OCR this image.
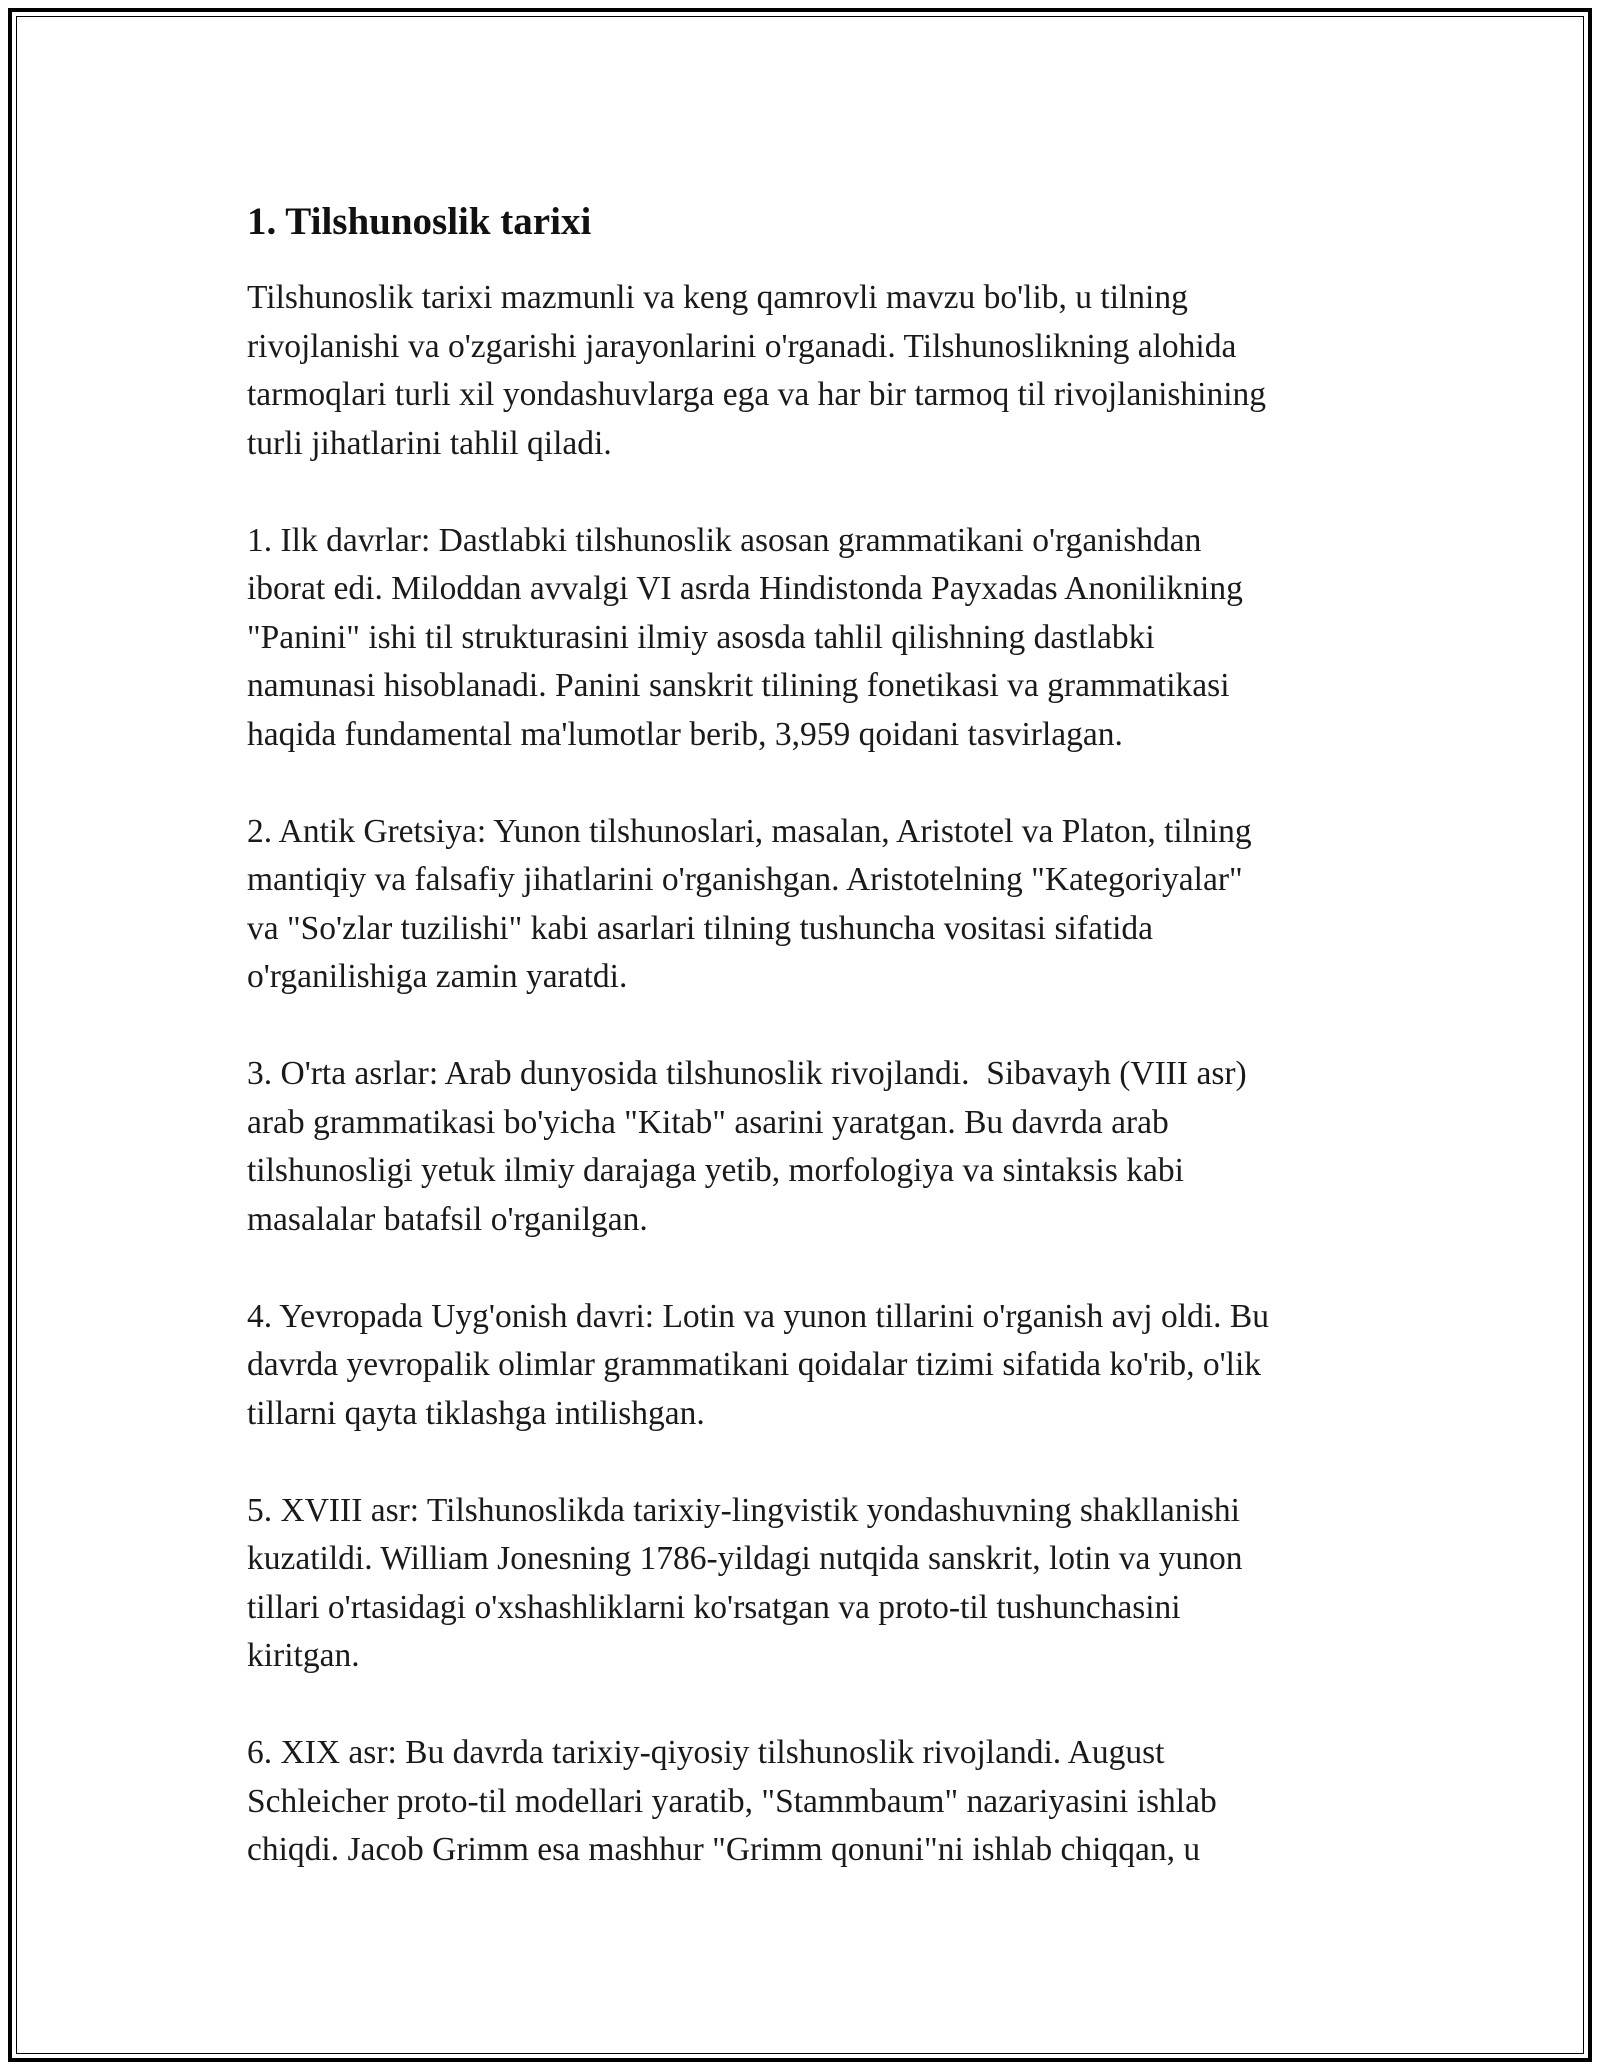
1. Tilshunoslik tarixi

Tilshunoslik tarixi mazmunli va keng qamrovli mavzu bo'lib, u tilning
rivojlanishi va o'zgarishi jarayonlarini o'rganadi. Tilshunoslikning alohida
tarmoqlari turli xil yondashuvlarga ega va har bir tarmoq til rivojlanishining
turli jihatlarini tahlil qiladi.

1. Ilk davrlar: Dastlabki tilshunoslik asosan grammatikani o'rganishdan
iborat edi. Miloddan avvalgi VI asrda Hindistonda Payxadas Anonilikning
"Panini" ishi til strukturasini ilmiy asosda tahlil qilishning dastlabki
namunasi hisoblanadi. Panini sanskrit tilining fonetikasi va grammatikasi
haqida fundamental ma'lumotlar berib, 3,959 qoidani tasvirlagan.

2. Antik Gretsiya: Yunon tilshunoslari, masalan, Aristotel va Platon, tilning
mantiqiy va falsafiy jihatlarini o'rganishgan. Aristotelning "Kategoriyalar"
va "So'zlar tuzilishi" kabi asarlari tilning tushuncha vositasi sifatida
o'rganilishiga zamin yaratdi.

3. O'rta asrlar: Arab dunyosida tilshunoslik rivojlandi.  Sibavayh (VIII asr)
arab grammatikasi bo'yicha "Kitab" asarini yaratgan. Bu davrda arab
tilshunosligi yetuk ilmiy darajaga yetib, morfologiya va sintaksis kabi
masalalar batafsil o'rganilgan.

4. Yevropada Uyg'onish davri: Lotin va yunon tillarini o'rganish avj oldi. Bu
davrda yevropalik olimlar grammatikani qoidalar tizimi sifatida ko'rib, o'lik
tillarni qayta tiklashga intilishgan.

5. XVIII asr: Tilshunoslikda tarixiy-lingvistik yondashuvning shakllanishi
kuzatildi. William Jonesning 1786-yildagi nutqida sanskrit, lotin va yunon
tillari o'rtasidagi o'xshashliklarni ko'rsatgan va proto-til tushunchasini
kiritgan.

6. XIX asr: Bu davrda tarixiy-qiyosiy tilshunoslik rivojlandi. August
Schleicher proto-til modellari yaratib, "Stammbaum" nazariyasini ishlab
chiqdi. Jacob Grimm esa mashhur "Grimm qonuni"ni ishlab chiqqan, u
